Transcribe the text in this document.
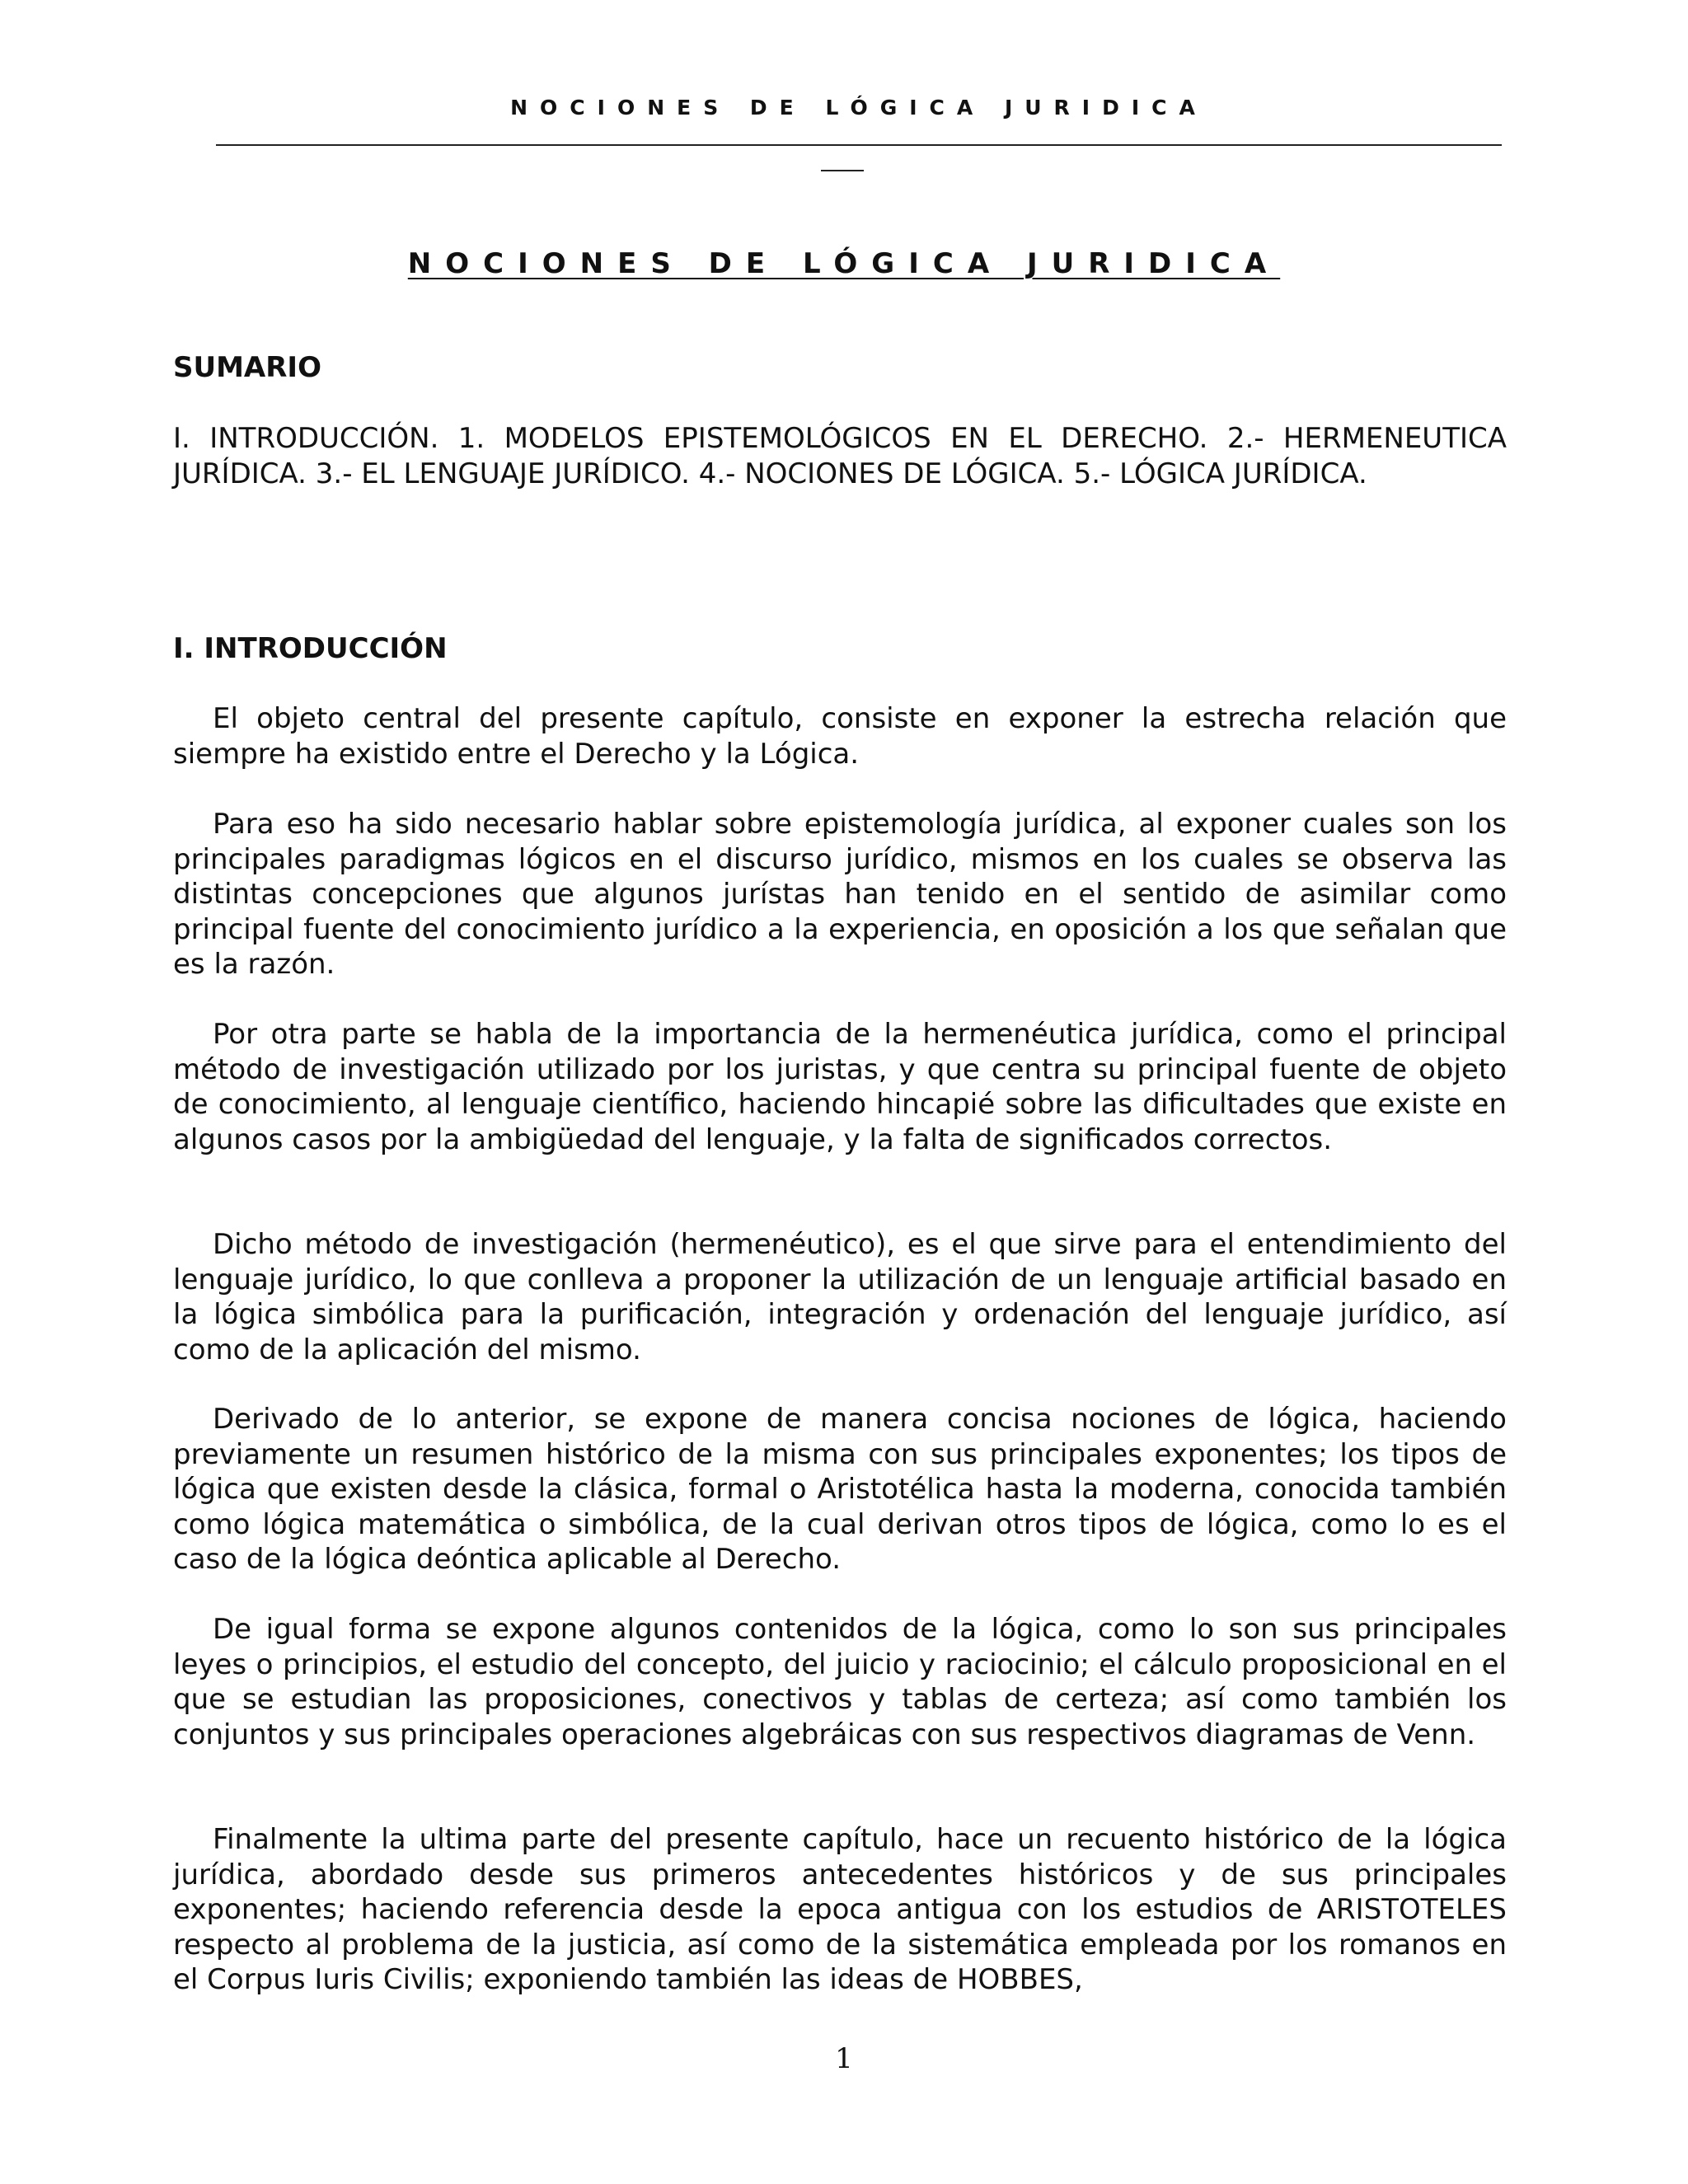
NOCIONES DE LÓGICA JURIDICA
NOCIONES DE LÓGICA JURIDICA
SUMARIO
I. INTRODUCCIÓN. 1. MODELOS EPISTEMOLÓGICOS EN EL DERECHO. 2.- HERMENEUTICA JURÍDICA. 3.- EL LENGUAJE JURÍDICO. 4.- NOCIONES DE LÓGICA. 5.- LÓGICA JURÍDICA.
I. INTRODUCCIÓN
El objeto central del presente capítulo, consiste en exponer la estrecha relación que siempre ha existido entre el Derecho y la Lógica.
Para eso ha sido necesario hablar sobre epistemología jurídica, al exponer cuales son los principales paradigmas lógicos en el discurso jurídico, mismos en los cuales se observa las distintas concepciones que algunos jurístas han tenido en el sentido de asimilar como principal fuente del conocimiento jurídico a la experiencia, en oposición a los que señalan que es la razón.
Por otra parte se habla de la importancia de la hermenéutica jurídica, como el principal método de investigación utilizado por los juristas, y que centra su principal fuente de objeto de conocimiento, al lenguaje científico, haciendo hincapié sobre las dificultades que existe en algunos casos por la ambigüedad del lenguaje, y la falta de significados correctos.
Dicho método de investigación (hermenéutico), es el que sirve para el entendimiento del lenguaje jurídico, lo que conlleva a proponer la utilización de un lenguaje artificial basado en la lógica simbólica para la purificación, integración y ordenación del lenguaje jurídico, así como de la aplicación del mismo.
Derivado de lo anterior, se expone de manera concisa nociones de lógica, haciendo previamente un resumen histórico de la misma con sus principales exponentes; los tipos de lógica que existen desde la clásica, formal o Aristotélica hasta la moderna, conocida también como lógica matemática o simbólica, de la cual derivan otros tipos de lógica, como lo es el caso de la lógica deóntica aplicable al Derecho.
De igual forma se expone algunos contenidos de la lógica, como lo son sus principales leyes o principios, el estudio del concepto, del juicio y raciocinio; el cálculo proposicional en el que se estudian las proposiciones, conectivos y tablas de certeza; así como también los conjuntos y sus principales operaciones algebráicas con sus respectivos diagramas de Venn.
Finalmente la ultima parte del presente capítulo, hace un recuento histórico de la lógica jurídica, abordado desde sus primeros antecedentes históricos y de sus principales exponentes; haciendo referencia desde la epoca antigua con los estudios de ARISTOTELES respecto al problema de la justicia, así como de la sistemática empleada por los romanos en el Corpus Iuris Civilis; exponiendo también las ideas de HOBBES,
1
